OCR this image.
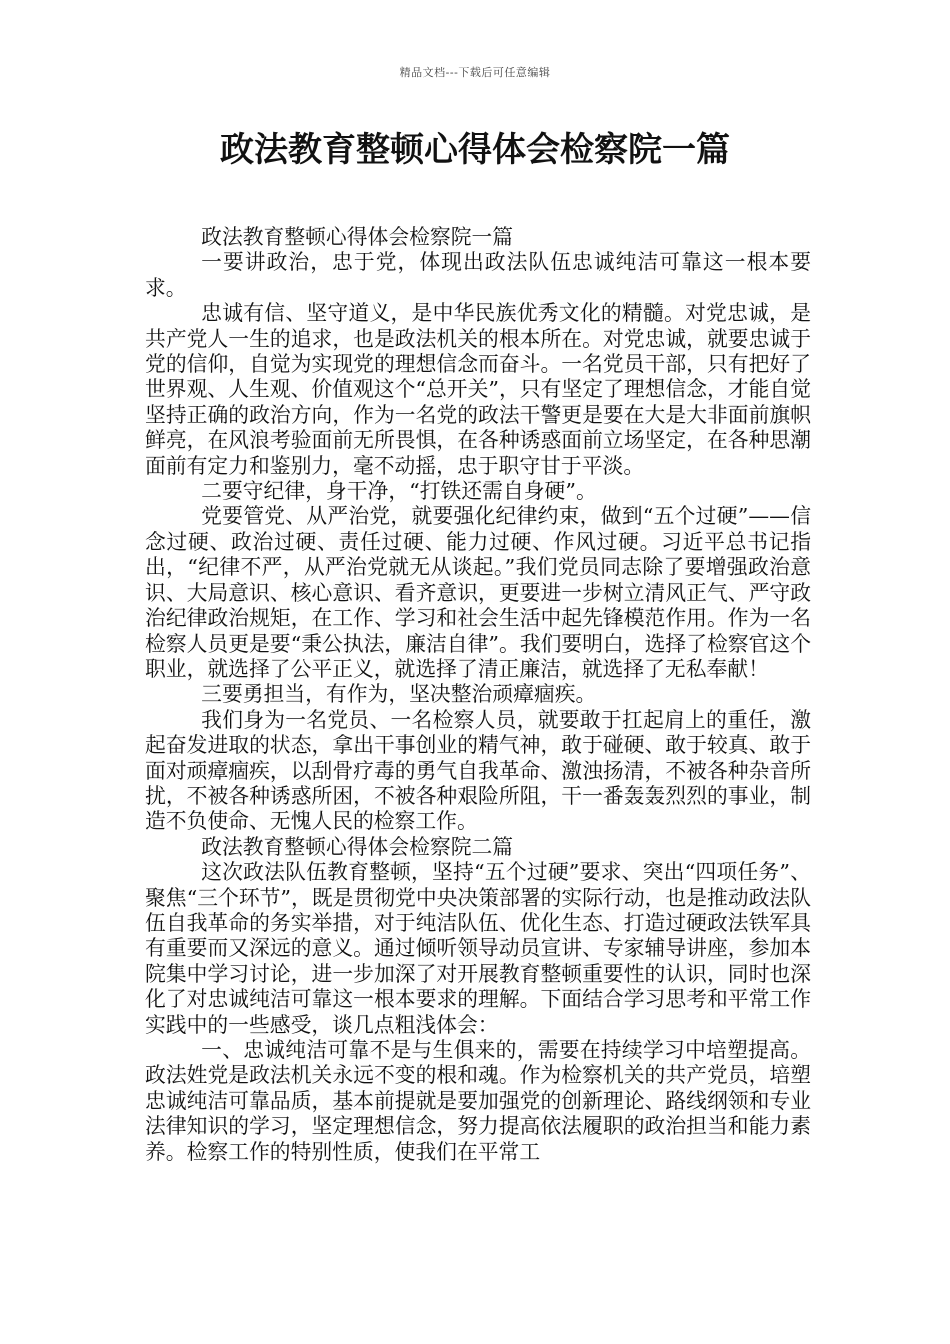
精品文档---下载后可任意编辑
政法教育整顿心得体会检察院一篇

政法教育整顿心得体会检察院一篇

一要讲政治，忠于党，体现出政法队伍忠诚纯洁可靠这一根本要求。

忠诚有信、坚守道义，是中华民族优秀文化的精髓。对党忠诚，是共产党人一生的追求，也是政法机关的根本所在。对党忠诚，就要忠诚于党的信仰，自觉为实现党的理想信念而奋斗。一名党员干部，只有把好了世界观、人生观、价值观这个“总开关”，只有坚定了理想信念，才能自觉坚持正确的政治方向，作为一名党的政法干警更是要在大是大非面前旗帜鲜亮，在风浪考验面前无所畏惧，在各种诱惑面前立场坚定，在各种思潮面前有定力和鉴别力，毫不动摇，忠于职守甘于平淡。

二要守纪律，身干净，“打铁还需自身硬”。

党要管党、从严治党，就要强化纪律约束，做到“五个过硬”——信念过硬、政治过硬、责任过硬、能力过硬、作风过硬。习近平总书记指出，“纪律不严，从严治党就无从谈起。”我们党员同志除了要增强政治意识、大局意识、核心意识、看齐意识，更要进一步树立清风正气、严守政治纪律政治规矩，在工作、学习和社会生活中起先锋模范作用。作为一名检察人员更是要“秉公执法，廉洁自律”。我们要明白，选择了检察官这个职业，就选择了公平正义，就选择了清正廉洁，就选择了无私奉献！

三要勇担当，有作为，坚决整治顽瘴痼疾。

我们身为一名党员、一名检察人员，就要敢于扛起肩上的重任，激起奋发进取的状态，拿出干事创业的精气神，敢于碰硬、敢于较真、敢于面对顽瘴痼疾，以刮骨疗毒的勇气自我革命、激浊扬清，不被各种杂音所扰，不被各种诱惑所困，不被各种艰险所阻，干一番轰轰烈烈的事业，制造不负使命、无愧人民的检察工作。

政法教育整顿心得体会检察院二篇

这次政法队伍教育整顿，坚持“五个过硬”要求、突出“四项任务”、聚焦“三个环节”，既是贯彻党中央决策部署的实际行动，也是推动政法队伍自我革命的务实举措，对于纯洁队伍、优化生态、打造过硬政法铁军具有重要而又深远的意义。通过倾听领导动员宣讲、专家辅导讲座，参加本院集中学习讨论，进一步加深了对开展教育整顿重要性的认识，同时也深化了对忠诚纯洁可靠这一根本要求的理解。下面结合学习思考和平常工作实践中的一些感受，谈几点粗浅体会：

一、忠诚纯洁可靠不是与生俱来的，需要在持续学习中培塑提高。政法姓党是政法机关永远不变的根和魂。作为检察机关的共产党员，培塑忠诚纯洁可靠品质，基本前提就是要加强党的创新理论、路线纲领和专业法律知识的学习，坚定理想信念，努力提高依法履职的政治担当和能力素养。检察工作的特别性质，使我们在平常工
